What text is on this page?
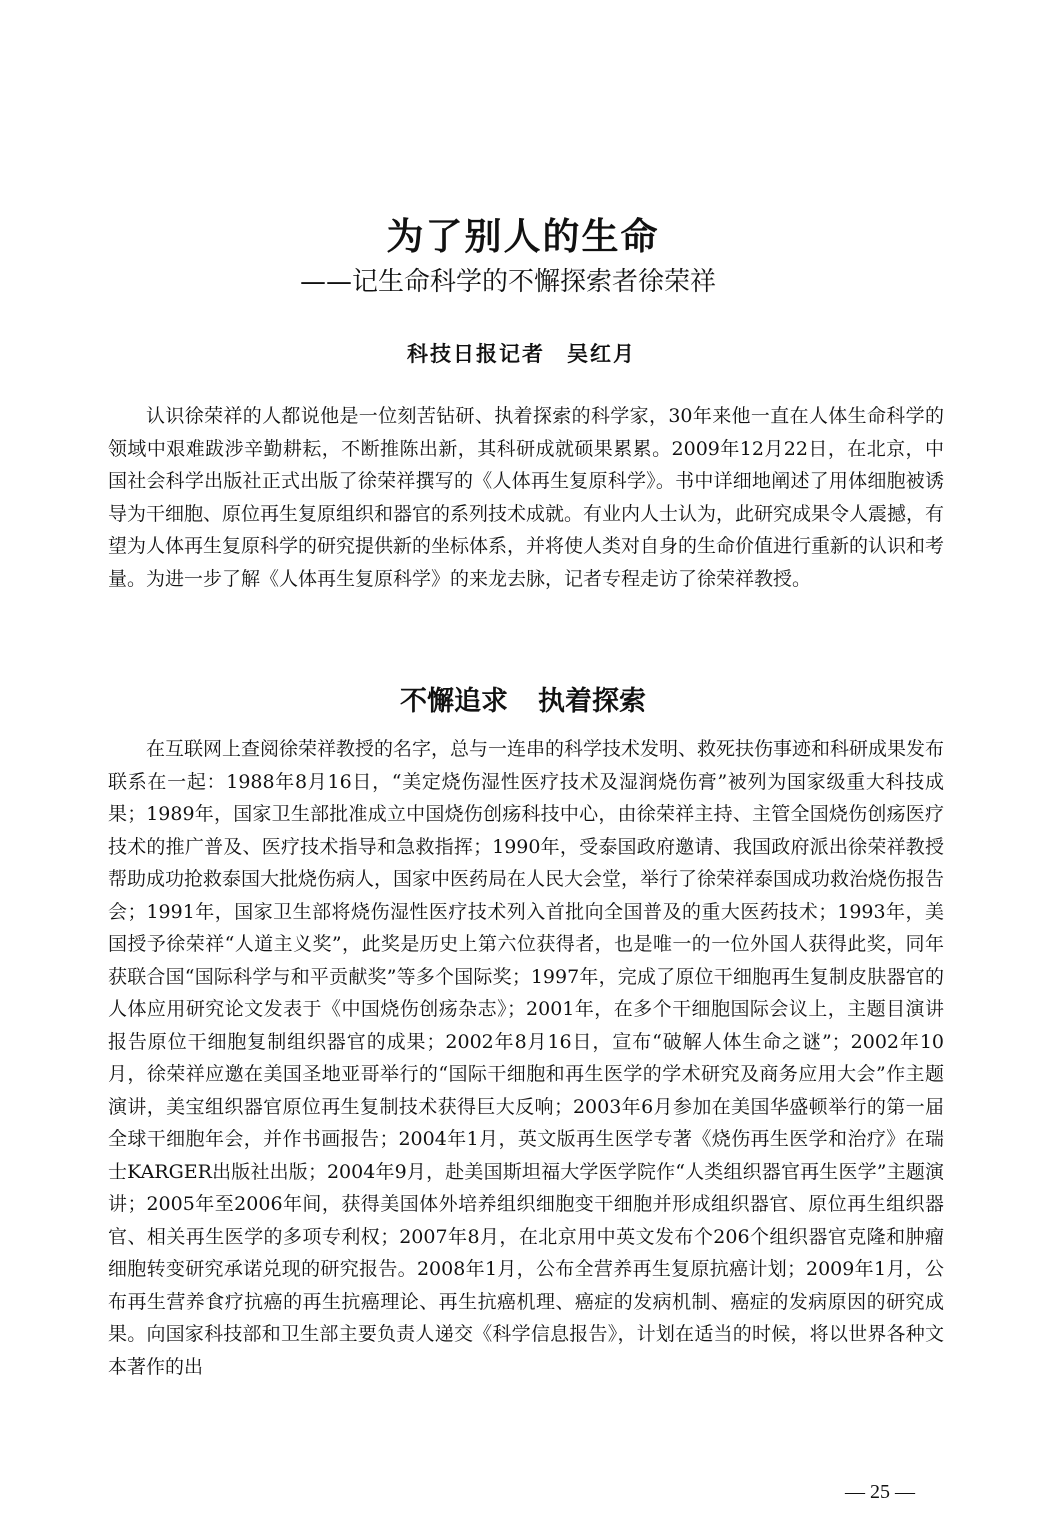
为了别人的生命
——记生命科学的不懈探索者徐荣祥
科技日报记者 吴红月

认识徐荣祥的人都说他是一位刻苦钻研、执着探索的科学家，30年来他一直在人体生命科学的领域中艰难跋涉辛勤耕耘，不断推陈出新，其科研成就硕果累累。2009年12月22日，在北京，中国社会科学出版社正式出版了徐荣祥撰写的《人体再生复原科学》。书中详细地阐述了用体细胞被诱导为干细胞、原位再生复原组织和器官的系列技术成就。有业内人士认为，此研究成果令人震撼，有望为人体再生复原科学的研究提供新的坐标体系，并将使人类对自身的生命价值进行重新的认识和考量。为进一步了解《人体再生复原科学》的来龙去脉，记者专程走访了徐荣祥教授。

不懈追求 执着探索

在互联网上查阅徐荣祥教授的名字，总与一连串的科学技术发明、救死扶伤事迹和科研成果发布联系在一起：1988年8月16日，“美定烧伤湿性医疗技术及湿润烧伤膏”被列为国家级重大科技成果；1989年，国家卫生部批准成立中国烧伤创疡科技中心，由徐荣祥主持、主管全国烧伤创疡医疗技术的推广普及、医疗技术指导和急救指挥；1990年，受泰国政府邀请、我国政府派出徐荣祥教授帮助成功抢救泰国大批烧伤病人，国家中医药局在人民大会堂，举行了徐荣祥泰国成功救治烧伤报告会；1991年，国家卫生部将烧伤湿性医疗技术列入首批向全国普及的重大医药技术；1993年，美国授予徐荣祥“人道主义奖”，此奖是历史上第六位获得者，也是唯一的一位外国人获得此奖，同年获联合国“国际科学与和平贡献奖”等多个国际奖；1997年，完成了原位干细胞再生复制皮肤器官的人体应用研究论文发表于《中国烧伤创疡杂志》；2001年，在多个干细胞国际会议上，主题目演讲报告原位干细胞复制组织器官的成果；2002年8月16日，宣布“破解人体生命之谜”；2002年10月，徐荣祥应邀在美国圣地亚哥举行的“国际干细胞和再生医学的学术研究及商务应用大会”作主题演讲，美宝组织器官原位再生复制技术获得巨大反响；2003年6月参加在美国华盛顿举行的第一届全球干细胞年会，并作书画报告；2004年1月，英文版再生医学专著《烧伤再生医学和治疗》在瑞士KARGER出版社出版；2004年9月，赴美国斯坦福大学医学院作“人类组织器官再生医学”主题演讲；2005年至2006年间，获得美国体外培养组织细胞变干细胞并形成组织器官、原位再生组织器官、相关再生医学的多项专利权；2007年8月，在北京用中英文发布个206个组织器官克隆和肿瘤细胞转变研究承诺兑现的研究报告。2008年1月，公布全营养再生复原抗癌计划；2009年1月，公布再生营养食疗抗癌的再生抗癌理论、再生抗癌机理、癌症的发病机制、癌症的发病原因的研究成果。向国家科技部和卫生部主要负责人递交《科学信息报告》，计划在适当的时候，将以世界各种文本著作的出

— 25 —
